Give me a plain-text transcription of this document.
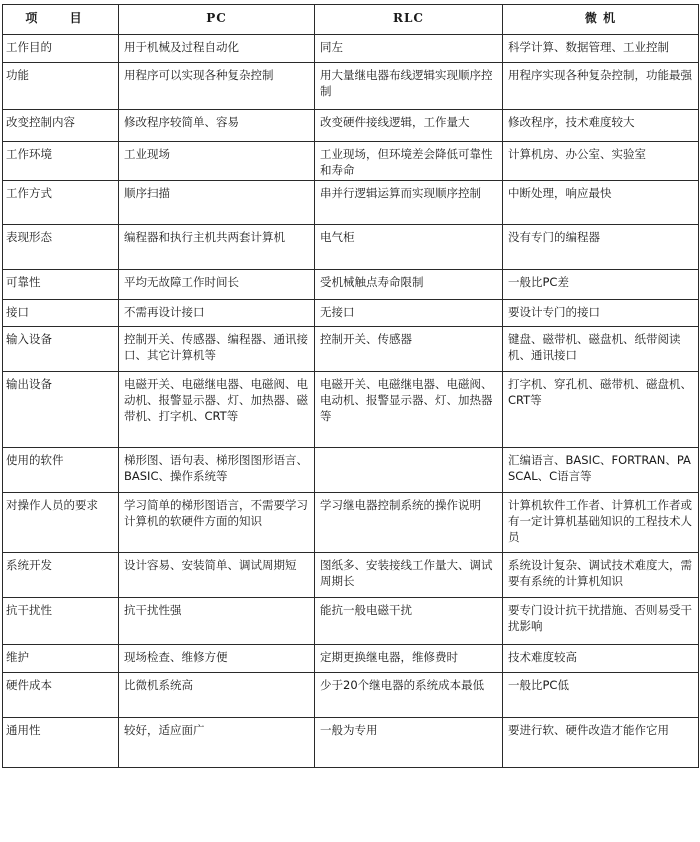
项 目	PC	RLC	微 机
工作目的	用于机械及过程自动化	同左	科学计算、数据管理、工业控制
功能	用程序可以实现各种复杂控制	用大量继电器布线逻辑实现顺序控制	用程序实现各种复杂控制，功能最强
改变控制内容	修改程序较简单、容易	改变硬件接线逻辑，工作量大	修改程序，技术难度较大
工作环境	工业现场	工业现场，但环境差会降低可靠性和寿命	计算机房、办公室、实验室
工作方式	顺序扫描	串并行逻辑运算而实现顺序控制	中断处理，响应最快
表现形态	编程器和执行主机共两套计算机	电气柜	没有专门的编程器
可靠性	平均无故障工作时间长	受机械触点寿命限制	一般比PC差
接口	不需再设计接口	无接口	要设计专门的接口
输入设备	控制开关、传感器、编程器、通讯接口、其它计算机等	控制开关、传感器	键盘、磁带机、磁盘机、纸带阅读机、通讯接口
输出设备	电磁开关、电磁继电器、电磁阀、电动机、报警显示器、灯、加热器、磁带机、打字机、CRT等	电磁开关、电磁继电器、电磁阀、电动机、报警显示器、灯、加热器等	打字机、穿孔机、磁带机、磁盘机、CRT等
使用的软件	梯形图、语句表、梯形图图形语言、BASIC、操作系统等		汇编语言、BASIC、FORTRAN、PASCAL、C语言等
对操作人员的要求	学习简单的梯形图语言，不需要学习计算机的软硬件方面的知识	学习继电器控制系统的操作说明	计算机软件工作者、计算机工作者或有一定计算机基础知识的工程技术人员
系统开发	设计容易、安装简单、调试周期短	图纸多、安装接线工作量大、调试周期长	系统设计复杂、调试技术难度大，需要有系统的计算机知识
抗干扰性	抗干扰性强	能抗一般电磁干扰	要专门设计抗干扰措施、否则易受干扰影响
维护	现场检查、维修方便	定期更换继电器，维修费时	技术难度较高
硬件成本	比微机系统高	少于20个继电器的系统成本最低	一般比PC低
通用性	较好，适应面广	一般为专用	要进行软、硬件改造才能作它用
